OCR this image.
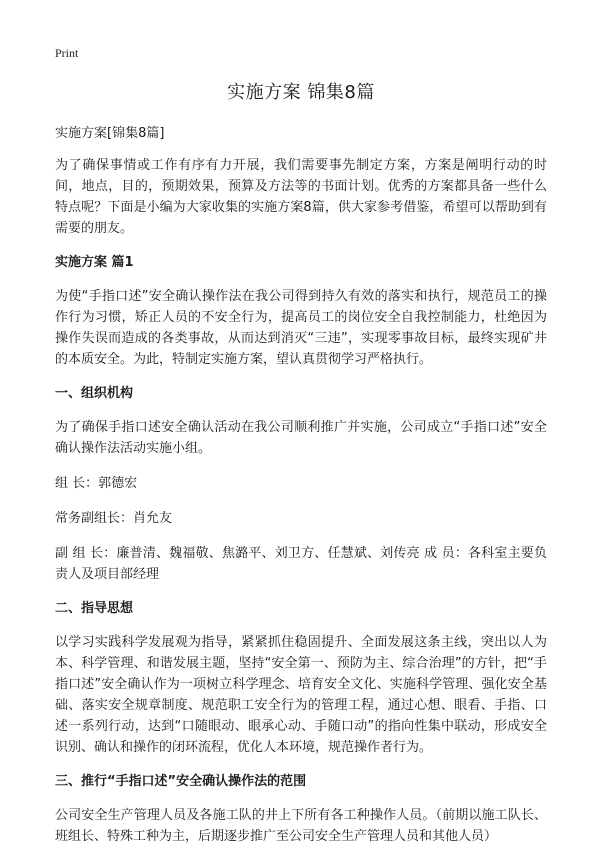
Print
实施方案 锦集8篇
实施方案[锦集8篇]

为了确保事情或工作有序有力开展，我们需要事先制定方案，方案是阐明行动的时间，地点，目的，预期效果，预算及方法等的书面计划。优秀的方案都具备一些什么特点呢？下面是小编为大家收集的实施方案8篇，供大家参考借鉴，希望可以帮助到有需要的朋友。

实施方案 篇1

为使“手指口述”安全确认操作法在我公司得到持久有效的落实和执行，规范员工的操作行为习惯，矫正人员的不安全行为，提高员工的岗位安全自我控制能力，杜绝因为操作失误而造成的各类事故，从而达到消灭“三违”，实现零事故目标，最终实现矿井的本质安全。为此，特制定实施方案，望认真贯彻学习严格执行。

一、组织机构

为了确保手指口述安全确认活动在我公司顺利推广并实施，公司成立“手指口述”安全确认操作法活动实施小组。

组 长：郭德宏
常务副组长：肖允友

副 组 长：廉普清、魏福敬、焦潞平、刘卫方、任慧斌、刘传亮 成 员：各科室主要负责人及项目部经理

二、指导思想

以学习实践科学发展观为指导，紧紧抓住稳固提升、全面发展这条主线，突出以人为本、科学管理、和谐发展主题，坚持“安全第一、预防为主、综合治理”的方针，把“手指口述”安全确认作为一项树立科学理念、培育安全文化、实施科学管理、强化安全基础、落实安全规章制度、规范职工安全行为的管理工程，通过心想、眼看、手指、口述一系列行动，达到“口随眼动、眼承心动、手随口动”的指向性集中联动，形成安全识别、确认和操作的闭环流程，优化人本环境，规范操作者行为。

三、推行“手指口述”安全确认操作法的范围

公司安全生产管理人员及各施工队的井上下所有各工种操作人员。（前期以施工队长、班组长、特殊工种为主，后期逐步推广至公司安全生产管理人员和其他人员）
